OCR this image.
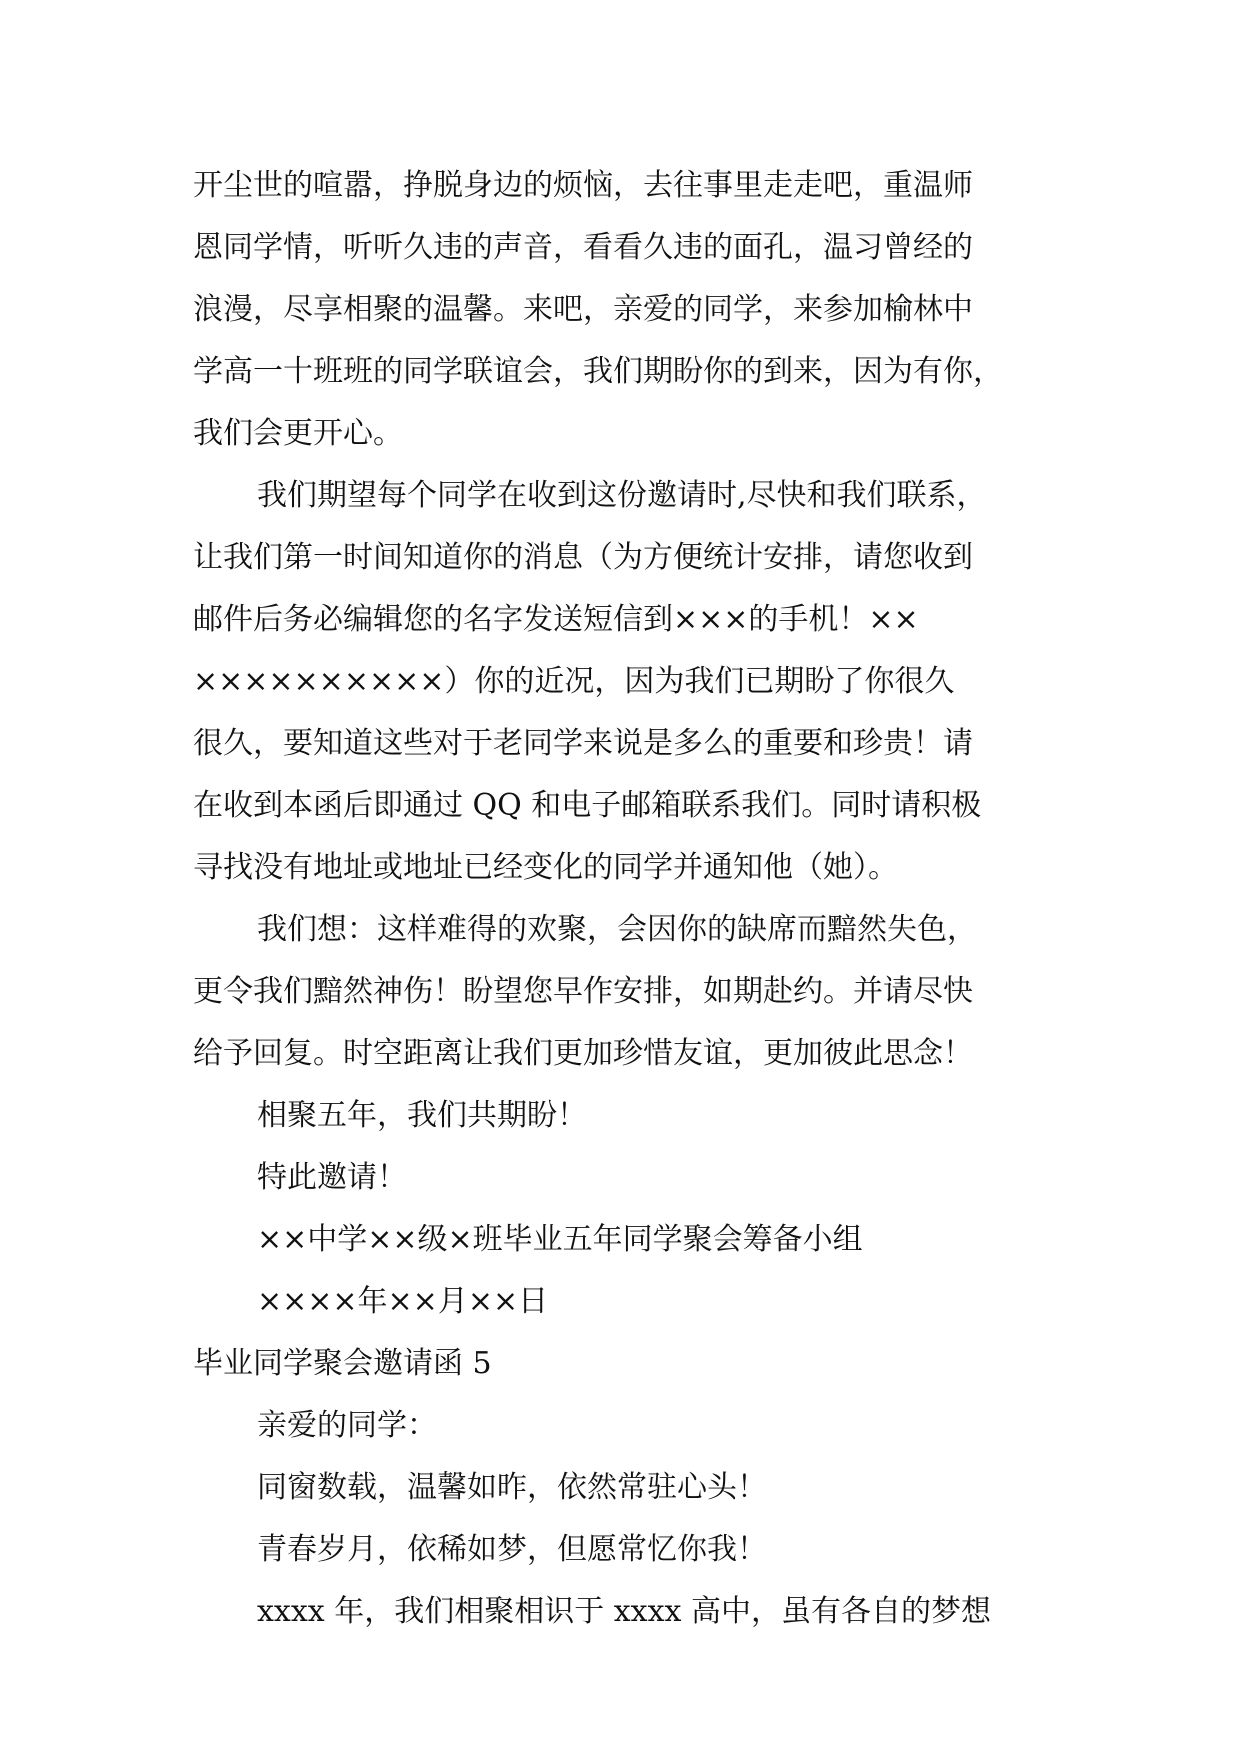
开尘世的喧嚣，挣脱身边的烦恼，去往事里走走吧，重温师
恩同学情，听听久违的声音，看看久违的面孔，温习曾经的
浪漫，尽享相聚的温馨。来吧，亲爱的同学，来参加榆林中
学高一十班班的同学联谊会，我们期盼你的到来，因为有你，
我们会更开心。

我们期望每个同学在收到这份邀请时,尽快和我们联系，
让我们第一时间知道你的消息（为方便统计安排，请您收到
邮件后务必编辑您的名字发送短信到×××的手机！××
××××××××××）你的近况，因为我们已期盼了你很久
很久，要知道这些对于老同学来说是多么的重要和珍贵！请
在收到本函后即通过 QQ 和电子邮箱联系我们。同时请积极
寻找没有地址或地址已经变化的同学并通知他（她）。

我们想：这样难得的欢聚，会因你的缺席而黯然失色，
更令我们黯然神伤！盼望您早作安排，如期赴约。并请尽快
给予回复。时空距离让我们更加珍惜友谊，更加彼此思念！

相聚五年，我们共期盼！

特此邀请！

××中学××级×班毕业五年同学聚会筹备小组

××××年××月××日

毕业同学聚会邀请函 5

亲爱的同学：

同窗数载，温馨如昨，依然常驻心头！

青春岁月，依稀如梦，但愿常忆你我！

xxxx 年，我们相聚相识于 xxxx 高中，虽有各自的梦想
